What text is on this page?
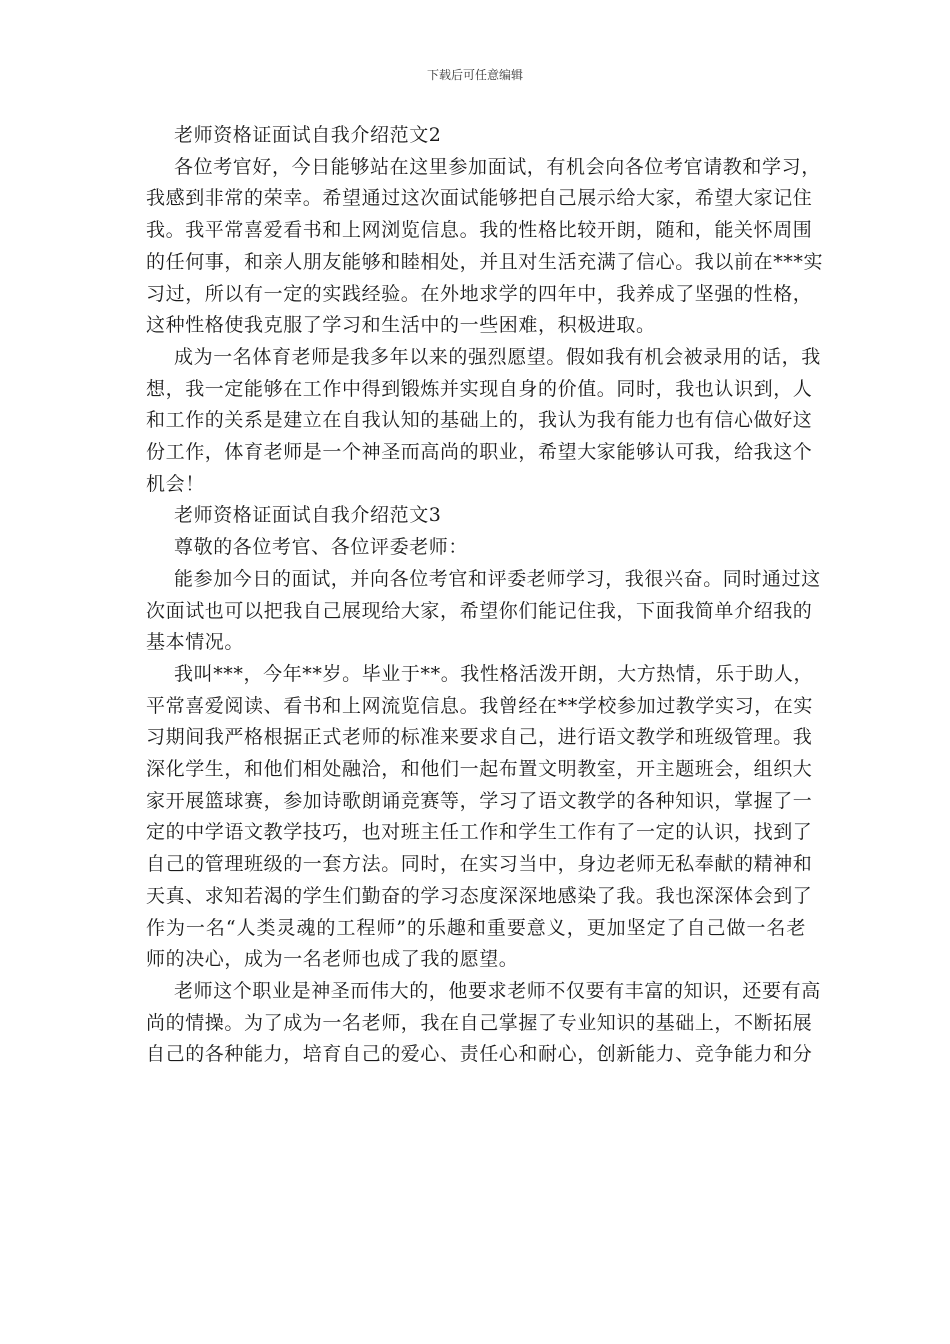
下载后可任意编辑
老师资格证面试自我介绍范文2
各位考官好，今日能够站在这里参加面试，有机会向各位考官请教和学习，
我感到非常的荣幸。希望通过这次面试能够把自己展示给大家，希望大家记住
我。我平常喜爱看书和上网浏览信息。我的性格比较开朗，随和，能关怀周围
的任何事，和亲人朋友能够和睦相处，并且对生活充满了信心。我以前在***实
习过，所以有一定的实践经验。在外地求学的四年中，我养成了坚强的性格，
这种性格使我克服了学习和生活中的一些困难，积极进取。
成为一名体育老师是我多年以来的强烈愿望。假如我有机会被录用的话，我
想，我一定能够在工作中得到锻炼并实现自身的价值。同时，我也认识到，人
和工作的关系是建立在自我认知的基础上的，我认为我有能力也有信心做好这
份工作，体育老师是一个神圣而高尚的职业，希望大家能够认可我，给我这个
机会！
老师资格证面试自我介绍范文3
尊敬的各位考官、各位评委老师：
能参加今日的面试，并向各位考官和评委老师学习，我很兴奋。同时通过这
次面试也可以把我自己展现给大家，希望你们能记住我，下面我简单介绍我的
基本情况。
我叫***，今年**岁。毕业于**。我性格活泼开朗，大方热情，乐于助人，
平常喜爱阅读、看书和上网流览信息。我曾经在**学校参加过教学实习，在实
习期间我严格根据正式老师的标准来要求自己，进行语文教学和班级管理。我
深化学生，和他们相处融洽，和他们一起布置文明教室，开主题班会，组织大
家开展篮球赛，参加诗歌朗诵竞赛等，学习了语文教学的各种知识，掌握了一
定的中学语文教学技巧，也对班主任工作和学生工作有了一定的认识，找到了
自己的管理班级的一套方法。同时，在实习当中，身边老师无私奉献的精神和
天真、求知若渴的学生们勤奋的学习态度深深地感染了我。我也深深体会到了
作为一名“人类灵魂的工程师”的乐趣和重要意义，更加坚定了自己做一名老
师的决心，成为一名老师也成了我的愿望。
老师这个职业是神圣而伟大的，他要求老师不仅要有丰富的知识，还要有高
尚的情操。为了成为一名老师，我在自己掌握了专业知识的基础上，不断拓展
自己的各种能力，培育自己的爱心、责任心和耐心，创新能力、竞争能力和分
